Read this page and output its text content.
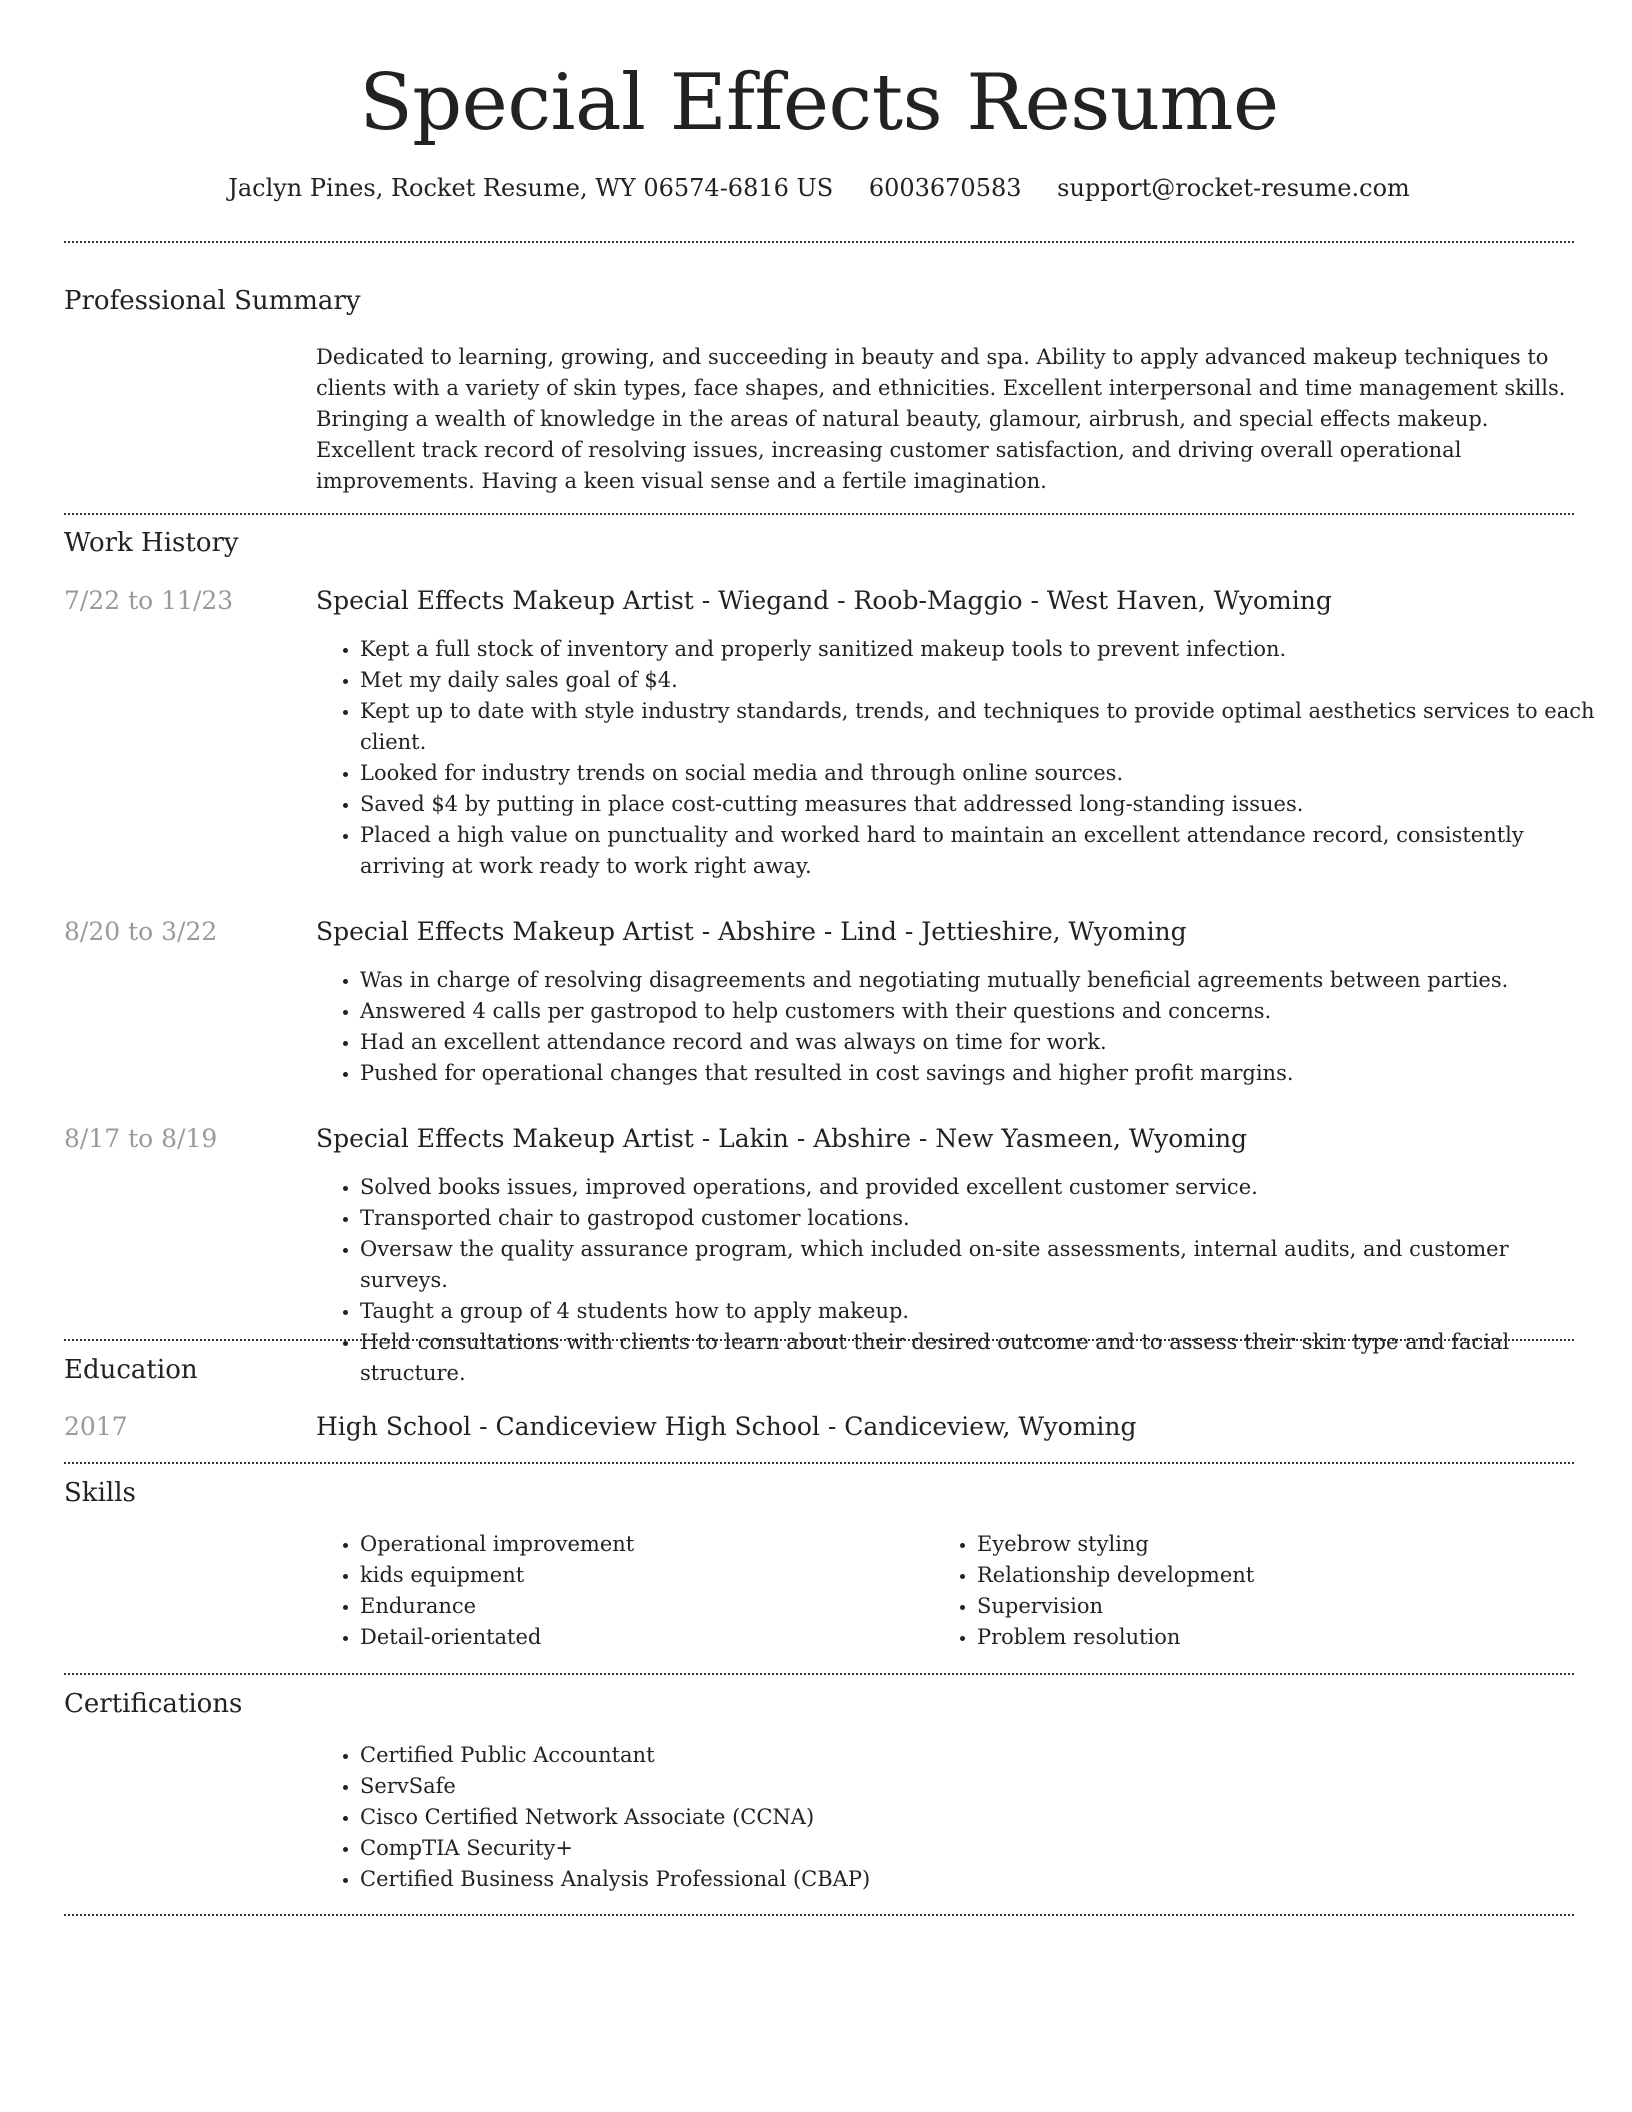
Special Effects Resume
Jaclyn Pines, Rocket Resume, WY 06574-6816 US 6003670583 support@rocket-resume.com
Professional Summary
Dedicated to learning, growing, and succeeding in beauty and spa. Ability to apply advanced makeup techniques to clients with a variety of skin types, face shapes, and ethnicities. Excellent interpersonal and time management skills. Bringing a wealth of knowledge in the areas of natural beauty, glamour, airbrush, and special effects makeup. Excellent track record of resolving issues, increasing customer satisfaction, and driving overall operational improvements. Having a keen visual sense and a fertile imagination.
Work History
7/22 to 11/23	Special Effects Makeup Artist - Wiegand - Roob-Maggio - West Haven, Wyoming
• Kept a full stock of inventory and properly sanitized makeup tools to prevent infection.
• Met my daily sales goal of $4.
• Kept up to date with style industry standards, trends, and techniques to provide optimal aesthetics services to each client.
• Looked for industry trends on social media and through online sources.
• Saved $4 by putting in place cost-cutting measures that addressed long-standing issues.
• Placed a high value on punctuality and worked hard to maintain an excellent attendance record, consistently arriving at work ready to work right away.
8/20 to 3/22	Special Effects Makeup Artist - Abshire - Lind - Jettieshire, Wyoming
• Was in charge of resolving disagreements and negotiating mutually beneficial agreements between parties.
• Answered 4 calls per gastropod to help customers with their questions and concerns.
• Had an excellent attendance record and was always on time for work.
• Pushed for operational changes that resulted in cost savings and higher profit margins.
8/17 to 8/19	Special Effects Makeup Artist - Lakin - Abshire - New Yasmeen, Wyoming
• Solved books issues, improved operations, and provided excellent customer service.
• Transported chair to gastropod customer locations.
• Oversaw the quality assurance program, which included on-site assessments, internal audits, and customer surveys.
• Taught a group of 4 students how to apply makeup.
• Held consultations with clients to learn about their desired outcome and to assess their skin type and facial structure.
Education
2017	High School - Candiceview High School - Candiceview, Wyoming
Skills
• Operational improvement
• kids equipment
• Endurance
• Detail-orientated
• Eyebrow styling
• Relationship development
• Supervision
• Problem resolution
Certifications
• Certified Public Accountant
• ServSafe
• Cisco Certified Network Associate (CCNA)
• CompTIA Security+
• Certified Business Analysis Professional (CBAP)
